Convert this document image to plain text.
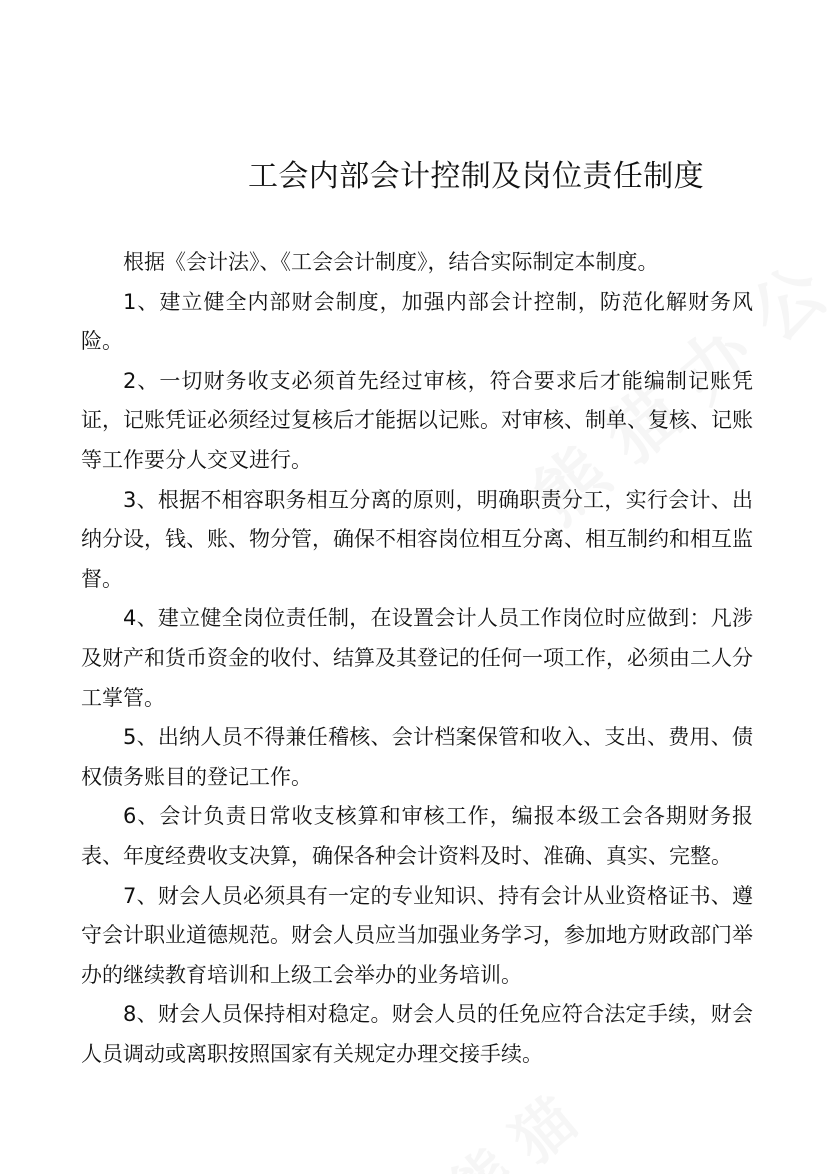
工会内部会计控制及岗位责任制度

根据《会计法》、《工会会计制度》，结合实际制定本制度。

1、建立健全内部财会制度，加强内部会计控制，防范化解财务风险。

2、一切财务收支必须首先经过审核，符合要求后才能编制记账凭证，记账凭证必须经过复核后才能据以记账。对审核、制单、复核、记账等工作要分人交叉进行。

3、根据不相容职务相互分离的原则，明确职责分工，实行会计、出纳分设，钱、账、物分管，确保不相容岗位相互分离、相互制约和相互监督。

4、建立健全岗位责任制，在设置会计人员工作岗位时应做到：凡涉及财产和货币资金的收付、结算及其登记的任何一项工作，必须由二人分工掌管。

5、出纳人员不得兼任稽核、会计档案保管和收入、支出、费用、债权债务账目的登记工作。

6、会计负责日常收支核算和审核工作，编报本级工会各期财务报表、年度经费收支决算，确保各种会计资料及时、准确、真实、完整。

7、财会人员必须具有一定的专业知识、持有会计从业资格证书、遵守会计职业道德规范。财会人员应当加强业务学习，参加地方财政部门举办的继续教育培训和上级工会举办的业务培训。

8、财会人员保持相对稳定。财会人员的任免应符合法定手续，财会人员调动或离职按照国家有关规定办理交接手续。
